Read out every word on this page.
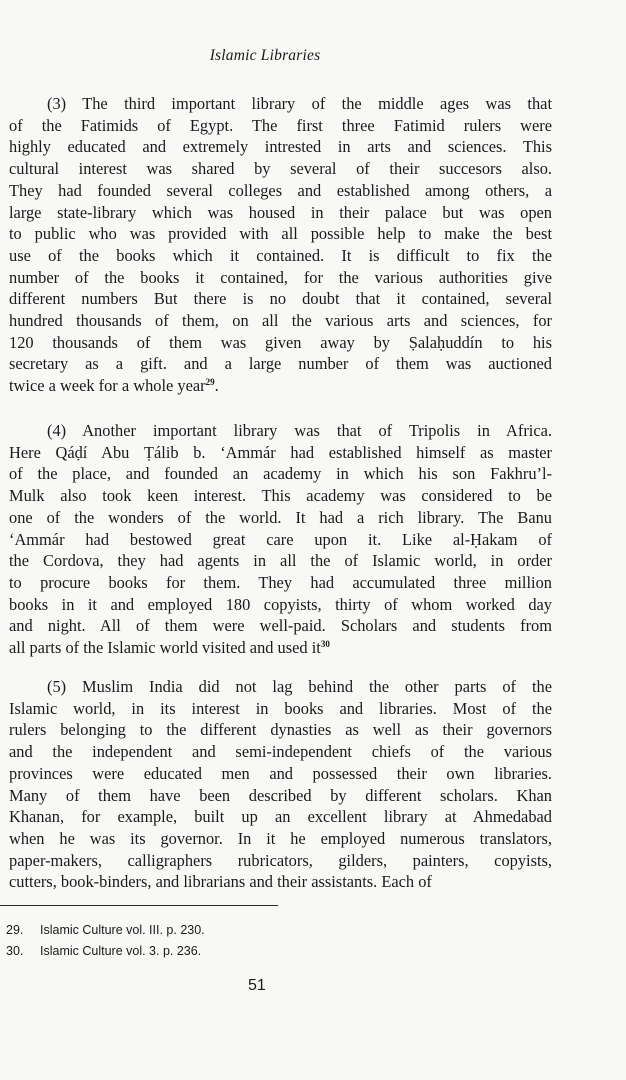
Islamic Libraries
(3) The third important library of the middle ages was that
of the Fatimids of Egypt. The first three Fatimid rulers were
highly educated and extremely intrested in arts and sciences. This
cultural interest was shared by several of their succesors also.
They had founded several colleges and established among others, a
large state-library which was housed in their palace but was open
to public who was provided with all possible help to make the best
use of the books which it contained. It is difficult to fix the
number of the books it contained, for the various authorities give
different numbers But there is no doubt that it contained, several
hundred thousands of them, on all the various arts and sciences, for
120 thousands of them was given away by Ṣalaḥuddín to his
secretary as a gift. and a large number of them was auctioned
twice a week for a whole year$^{29}$.
(4) Another important library was that of Tripolis in Africa.
Here Qáḍí Abu Ṭálib b. ‘Ammár had established himself as master
of the place, and founded an academy in which his son Fakhru’l-
Mulk also took keen interest. This academy was considered to be
one of the wonders of the world. It had a rich library. The Banu
‘Ammár had bestowed great care upon it. Like al-Ḥakam of
the Cordova, they had agents in all the of Islamic world, in order
to procure books for them. They had accumulated three million
books in it and employed 180 copyists, thirty of whom worked day
and night. All of them were well-paid. Scholars and students from
all parts of the Islamic world visited and used $it^{30}$
(5) Muslim India did not lag behind the other parts of the
Islamic world, in its interest in books and libraries. Most of the
rulers belonging to the different dynasties as well as their governors
and the independent and semi-independent chiefs of the various
provinces were educated men and possessed their own libraries.
Many of them have been described by different scholars. Khan
Khanan, for example, built up an excellent library at Ahmedabad
when he was its governor. In it he employed numerous translators,
paper-makers, calligraphers rubricators, gilders, painters, copyists,
cutters, book-binders, and librarians and their assistants. Each of
29. Islamic Culture vol. III. p. 230.
30. Islamic Culture vol. 3. p. 236.
51
